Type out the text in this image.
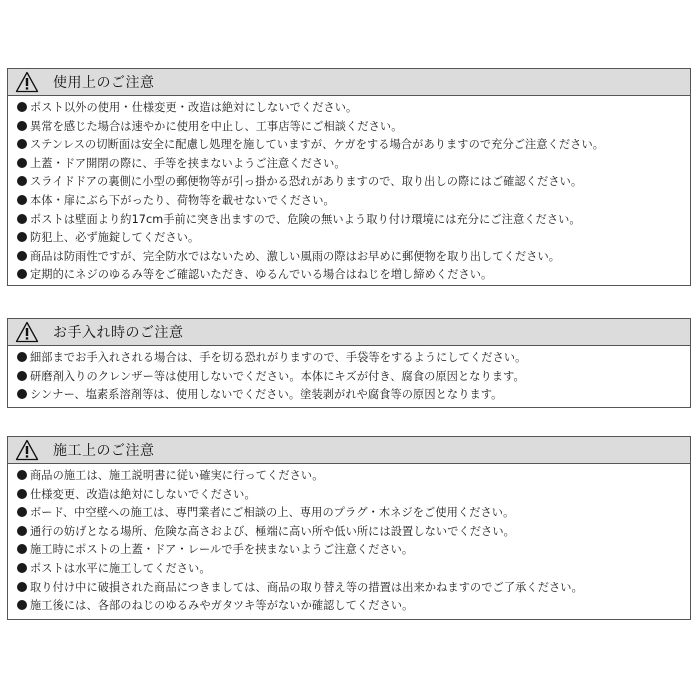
使用上のご注意
ポスト以外の使用・仕様変更・改造は絶対にしないでください。
異常を感じた場合は速やかに使用を中止し、工事店等にご相談ください。
ステンレスの切断面は安全に配慮し処理を施していますが、ケガをする場合がありますので充分ご注意ください。
上蓋・ドア開閉の際に、手等を挟まないようご注意ください。
スライドドアの裏側に小型の郵便物等が引っ掛かる恐れがありますので、取り出しの際にはご確認ください。
本体・扉にぶら下がったり、荷物等を載せないでください。
ポストは壁面より約17cm手前に突き出ますので、危険の無いよう取り付け環境には充分にご注意ください。
防犯上、必ず施錠してください。
商品は防雨性ですが、完全防水ではないため、激しい風雨の際はお早めに郵便物を取り出してください。
定期的にネジのゆるみ等をご確認いただき、ゆるんでいる場合はねじを増し締めください。
お手入れ時のご注意
細部までお手入れされる場合は、手を切る恐れがりますので、手袋等をするようにしてください。
研磨剤入りのクレンザー等は使用しないでください。本体にキズが付き、腐食の原因となります。
シンナー、塩素系溶剤等は、使用しないでください。塗装剥がれや腐食等の原因となります。
施工上のご注意
商品の施工は、施工説明書に従い確実に行ってください。
仕様変更、改造は絶対にしないでください。
ボード、中空壁への施工は、専門業者にご相談の上、専用のプラグ・木ネジをご使用ください。
通行の妨げとなる場所、危険な高さおよび、極端に高い所や低い所には設置しないでください。
施工時にポストの上蓋・ドア・レールで手を挟まないようご注意ください。
ポストは水平に施工してください。
取り付け中に破損された商品につきましては、商品の取り替え等の措置は出来かねますのでご了承ください。
施工後には、各部のねじのゆるみやガタツキ等がないか確認してください。
